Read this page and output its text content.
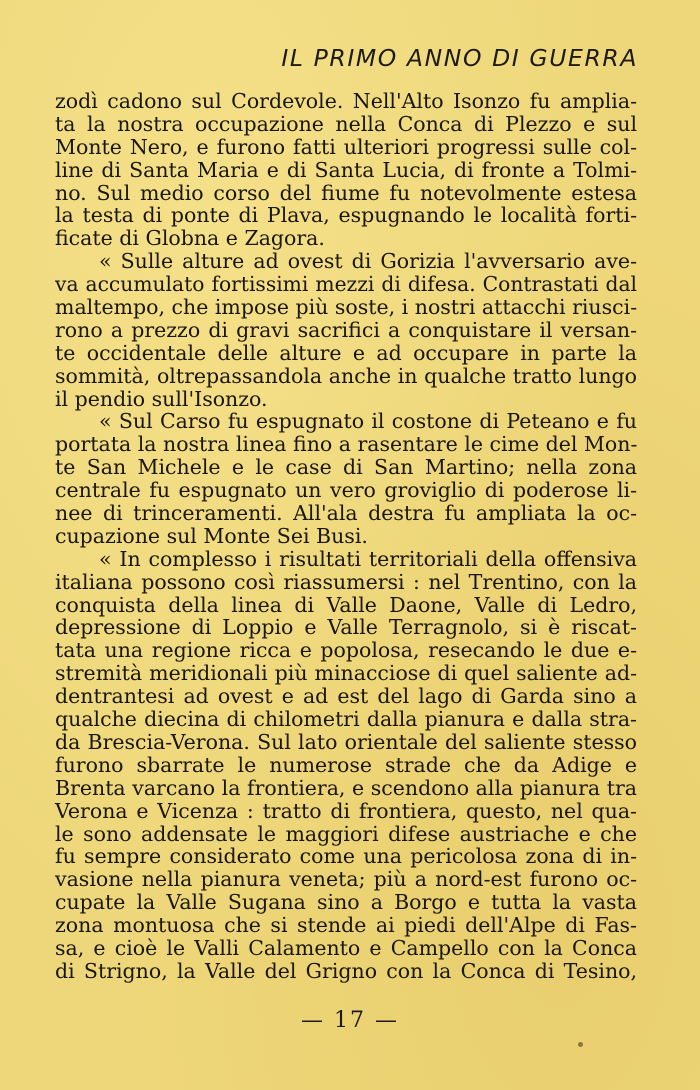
IL PRIMO ANNO DI GUERRA
zodì cadono sul Cordevole. Nell'Alto Isonzo fu amplia-
ta la nostra occupazione nella Conca di Plezzo e sul
Monte Nero, e furono fatti ulteriori progressi sulle col-
line di Santa Maria e di Santa Lucia, di fronte a Tolmi-
no. Sul medio corso del fiume fu notevolmente estesa
la testa di ponte di Plava, espugnando le località forti-
ficate di Globna e Zagora.
« Sulle alture ad ovest di Gorizia l'avversario ave-
va accumulato fortissimi mezzi di difesa. Contrastati dal
maltempo, che impose più soste, i nostri attacchi riusci-
rono a prezzo di gravi sacrifici a conquistare il versan-
te occidentale delle alture e ad occupare in parte la
sommità, oltrepassandola anche in qualche tratto lungo
il pendio sull'Isonzo.
« Sul Carso fu espugnato il costone di Peteano e fu
portata la nostra linea fino a rasentare le cime del Mon-
te San Michele e le case di San Martino; nella zona
centrale fu espugnato un vero groviglio di poderose li-
nee di trinceramenti. All'ala destra fu ampliata la oc-
cupazione sul Monte Sei Busi.
« In complesso i risultati territoriali della offensiva
italiana possono così riassumersi : nel Trentino, con la
conquista della linea di Valle Daone, Valle di Ledro,
depressione di Loppio e Valle Terragnolo, si è riscat-
tata una regione ricca e popolosa, resecando le due e-
stremità meridionali più minacciose di quel saliente ad-
dentrantesi ad ovest e ad est del lago di Garda sino a
qualche diecina di chilometri dalla pianura e dalla stra-
da Brescia-Verona. Sul lato orientale del saliente stesso
furono sbarrate le numerose strade che da Adige e
Brenta varcano la frontiera, e scendono alla pianura tra
Verona e Vicenza : tratto di frontiera, questo, nel qua-
le sono addensate le maggiori difese austriache e che
fu sempre considerato come una pericolosa zona di in-
vasione nella pianura veneta; più a nord-est furono oc-
cupate la Valle Sugana sino a Borgo e tutta la vasta
zona montuosa che si stende ai piedi dell'Alpe di Fas-
sa, e cioè le Valli Calamento e Campello con la Conca
di Strigno, la Valle del Grigno con la Conca di Tesino,
— 17 —
